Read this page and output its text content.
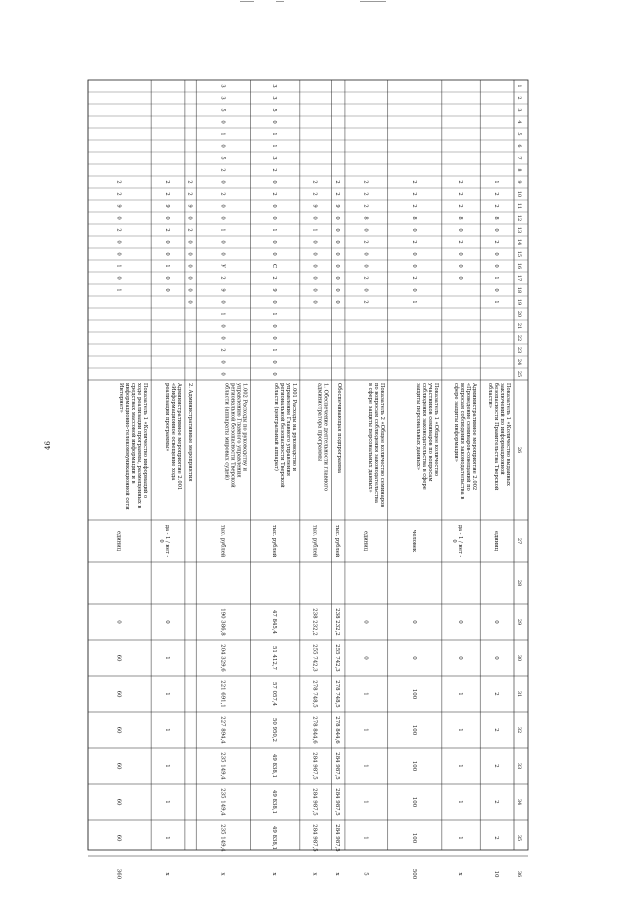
1
2
3
4
5
6
7
8
9
10
11
12
13
14
15
16
17
18
19
20
21
22
23
24
25
26
27
28
29
30
31
32
33
34
35
36
1
2
2
8
0
2
0
0
1
0
1
Показатель 1 «Количество выданных
заключений по информационной
безопасности Правительства Тверской
области»
единиц
0
0
2
2
2
2
2
10
2
2
2
8
0
2
0
0
0
Административное мероприятие 2.002
«Проведение семинаров-совещаний по
вопросам соблюдения законодательства в
сфере защиты информации»
да - 1 / нет -
0
0
0
1
1
1
1
1
х
2
2
2
8
0
2
0
0
2
0
1
Показатель 1 «Общее количество
участников семинаров по вопросам
соблюдения законодательства в сфере
защиты персональных данных»
человек
0
0
100
100
100
100
100
500
2
2
2
8
0
2
0
0
2
0
2
Показатель 2 «Общее количество семинаров
по вопросам соблюдения законодательства
в сфере защиты персональных данных»
единиц
0
0
1
1
1
1
1
5
2
2
9
0
0
0
0
0
0
0
0
Обеспечивающая подпрограмма
тыс. рублей
238 232,2
255 742,3
278 748,5
278 844,6
284 987,5
284 987,5
284 987,5
х
2
2
9
0
1
0
0
0
0
0
0
1. Обеспечение деятельности главного
администратора программы
тыс. рублей
238 232,2
255 742,3
278 748,5
278 844,6
284 987,5
284 987,5
284 987,5
х
3
3
5
0
1
1
3
2
0
2
0
0
1
0
0
С
2
9
0
1
0
0
1
0
0
1.001 Расходы на руководство и
управление Главного управления
региональной безопасности Тверской
области (центральный аппарат)
тыс. рублей
47 845,4
51 412,7
57 057,4
50 950,2
49 838,1
49 838,1
49 838,1
х
3
3
5
0
1
0
5
2
0
2
0
0
1
0
0
У
2
9
0
1
0
0
2
0
0
1.002 Расходы по руководству и
управлению Главного управления
региональной безопасности Тверской
области (аппараты мировых судей)
тыс. рублей
190 386,8
204 329,6
221 691,1
227 894,4
235 149,4
235 149,4
235 149,4
х
2
2
9
0
2
0
0
0
0
0
0
2. Административные мероприятия
2
2
9
0
2
0
0
1
0
0
Административное мероприятие 2.001
«Информационное освещение хода
реализации программы»
да - 1 / нет -
0
0
1
1
1
1
1
1
х
2
2
9
0
2
0
0
1
0
1
Показатель 1 «Количество информаций о
ходе реализации программы, размещенных в
средствах массовой информации и в
информационно-телекоммуникационной сети
Интернет»
единиц
0
60
60
60
60
60
60
360
46
